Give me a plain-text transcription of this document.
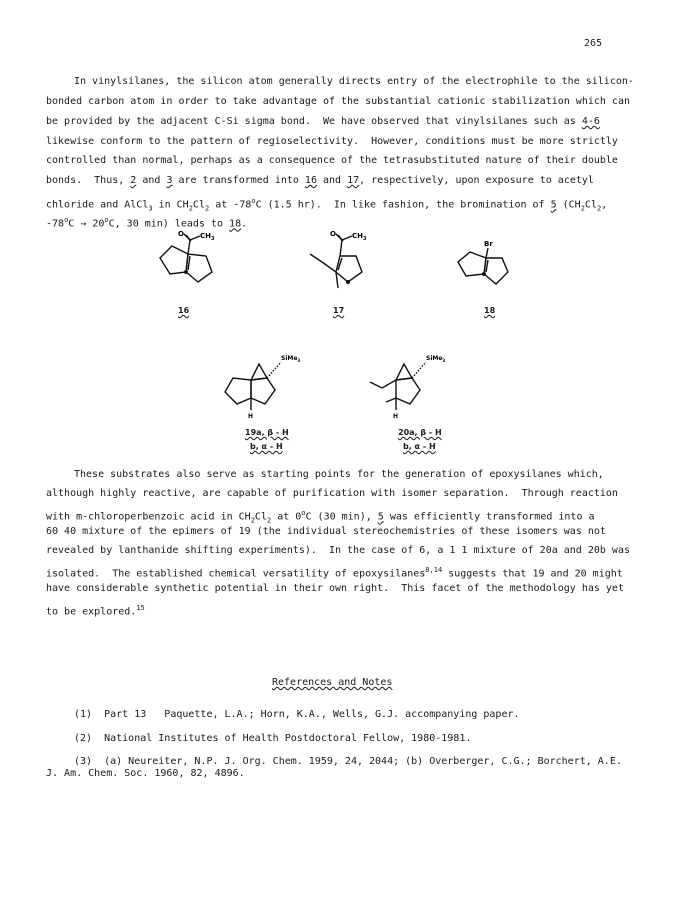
265
In vinylsilanes, the silicon atom generally directs entry of the electrophile to the silicon-
bonded carbon atom in order to take advantage of the substantial cationic stabilization which can
be provided by the adjacent C-Si sigma bond.  We have observed that vinylsilanes such as 4-6
likewise conform to the pattern of regioselectivity.  However, conditions must be more strictly
controlled than normal, perhaps as a consequence of the tetrasubstituted nature of their double
bonds.  Thus, 2 and 3 are transformed into 16 and 17, respectively, upon exposure to acetyl
chloride and AlCl$_3$ in $CH_2Cl_2$ at -78$^o$C (1.5 hr).  In like fashion, the bromination of 5 ($CH_2Cl_2$,
$-78^oC \to 20^oC$, 30 min) leads to 18.
O $CH_3$
16
O $CH_3$
17
Br
18
SiMe$_3$
H
19a, β - H
b, α - H
SiMe$_3$
H
20a, β - H
b, α - H
These substrates also serve as starting points for the generation of epoxysilanes which,
although highly reactive, are capable of purification with isomer separation.  Through reaction
with m-chloroperbenzoic acid in $CH_2Cl_2$ at 0$^o$C (30 min), 5 was efficiently transformed into a
60 40 mixture of the epimers of 19 (the individual stereochemistries of these isomers was not
revealed by lanthanide shifting experiments).  In the case of 6, a 1 1 mixture of 20a and 20b was
isolated.  The established chemical versatility of epoxysilanes$^{8,14}$ suggests that 19 and 20 might
have considerable synthetic potential in their own right.  This facet of the methodology has yet
to be explored.$^{15}$
References and Notes
(1)  Part 13   Paquette, L.A.; Horn, K.A., Wells, G.J. accompanying paper.
(2)  National Institutes of Health Postdoctoral Fellow, 1980-1981.
(3)  (a) Neureiter, N.P. J. Org. Chem. 1959, 24, 2044; (b) Overberger, C.G.; Borchert, A.E.
J. Am. Chem. Soc. 1960, 82, 4896.
